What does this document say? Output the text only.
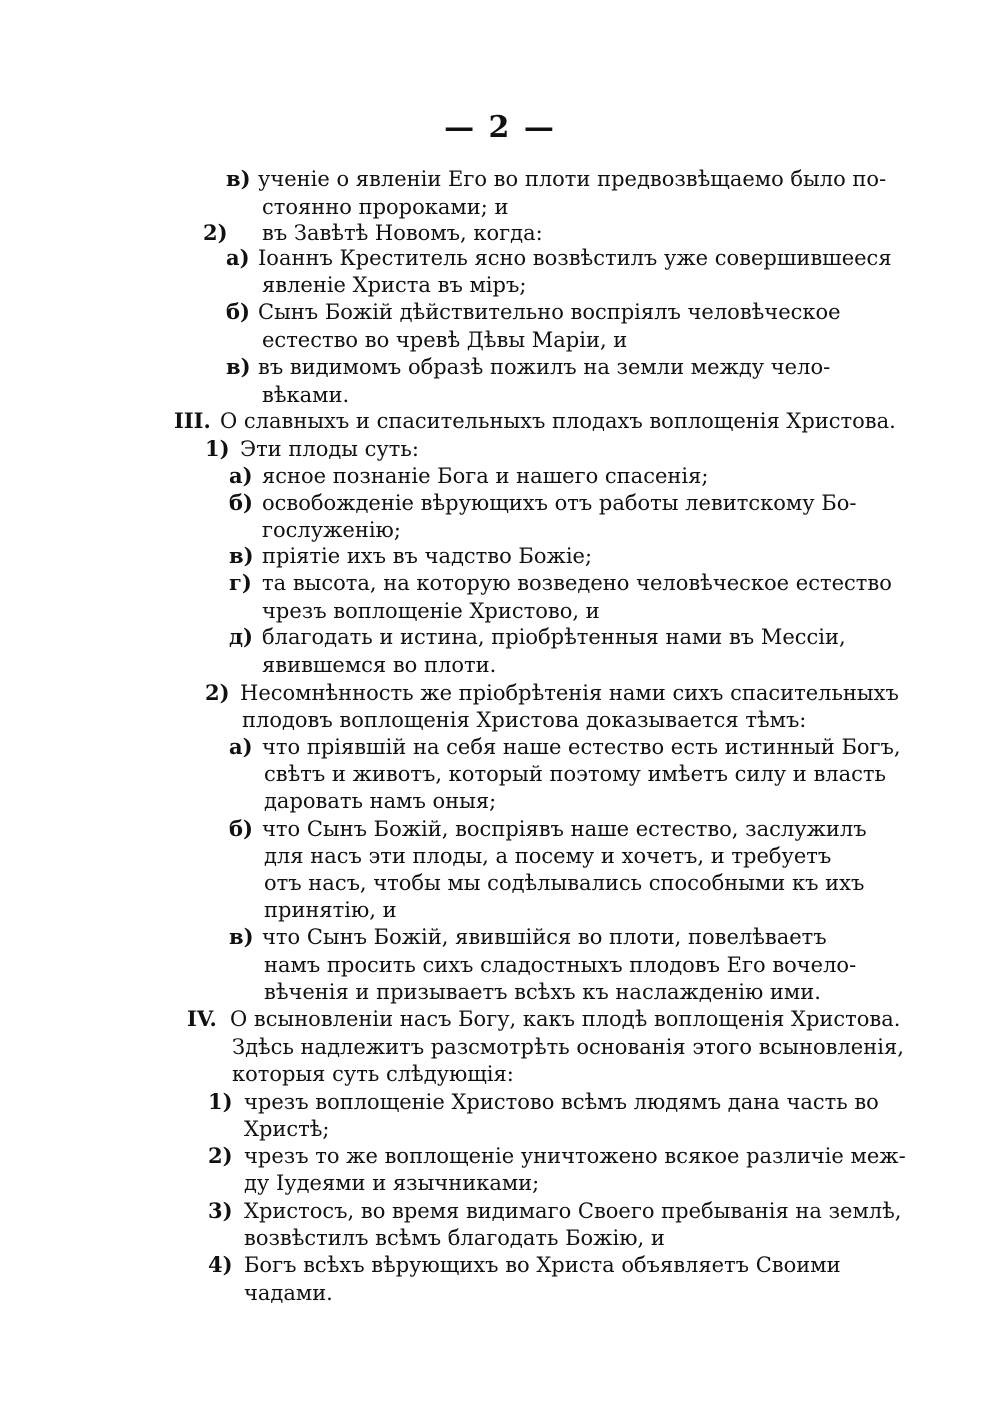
— 2 —
в) ученіе о явленіи Его во плоти предвозвѣщаемо было по-
стоянно пророками; и
2) въ Завѣтѣ Новомъ, когда:
а) Іоаннъ Креститель ясно возвѣстилъ уже совершившееся
явленіе Христа въ міръ;
б) Сынъ Божій дѣйствительно воспріялъ человѣческое
естество во чревѣ Дѣвы Маріи, и
в) въ видимомъ образѣ пожилъ на земли между чело-
вѣками.
III. О славныхъ и спасительныхъ плодахъ воплощенія Христова.
1) Эти плоды суть:
а) ясное познаніе Бога и нашего спасенія;
б) освобожденіе вѣрующихъ отъ работы левитскому Бо-
гослуженію;
в) пріятіе ихъ въ чадство Божіе;
г) та высота, на которую возведено человѣческое естество
чрезъ воплощеніе Христово, и
д) благодать и истина, пріобрѣтенныя нами въ Мессіи,
явившемся во плоти.
2) Несомнѣнность же пріобрѣтенія нами сихъ спасительныхъ
плодовъ воплощенія Христова доказывается тѣмъ:
а) что пріявшій на себя наше естество есть истинный Богъ,
свѣтъ и животъ, который поэтому имѣетъ силу и власть
даровать намъ оныя;
б) что Сынъ Божій, воспріявъ наше естество, заслужилъ
для насъ эти плоды, а посему и хочетъ, и требуетъ
отъ насъ, чтобы мы содѣлывались способными къ ихъ
принятію, и
в) что Сынъ Божій, явившійся во плоти, повелѣваетъ
намъ просить сихъ сладостныхъ плодовъ Его вочело-
вѣченія и призываетъ всѣхъ къ наслажденію ими.
IV. О всыновленіи насъ Богу, какъ плодѣ воплощенія Христова.
Здѣсь надлежитъ разсмотрѣть основанія этого всыновленія,
которыя суть слѣдующія:
1) чрезъ воплощеніе Христово всѣмъ людямъ дана часть во
Христѣ;
2) чрезъ то же воплощеніе уничтожено всякое различіе меж-
ду Іудеями и язычниками;
3) Христосъ, во время видимаго Своего пребыванія на землѣ,
возвѣстилъ всѣмъ благодать Божію, и
4) Богъ всѣхъ вѣрующихъ во Христа объявляетъ Своими
чадами.
